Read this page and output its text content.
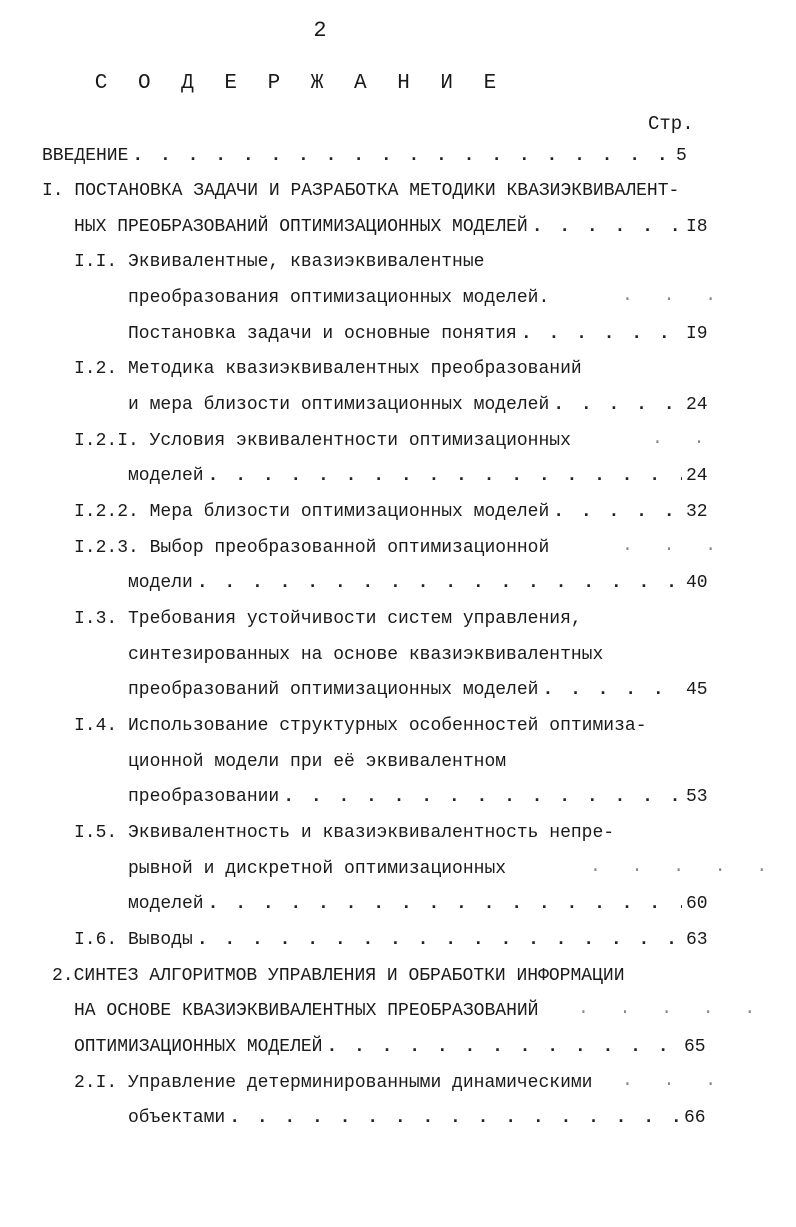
2
С О Д Е Р Ж А Н И Е
Стр.
ВВЕДЕНИЕ . . .	5
I. ПОСТАНОВКА ЗАДАЧИ И РАЗРАБОТКА МЕТОДИКИ КВАЗИЭКВИВАЛЕНТ-
НЫХ ПРЕОБРАЗОВАНИЙ ОПТИМИЗАЦИОННЫХ МОДЕЛЕЙ . . .	I8
I.I. Эквивалентные, квазиэквивалентные
преобразования оптимизационных моделей.
Постановка задачи и основные понятия . . .	I9
I.2. Методика квазиэквивалентных преобразований
и мера близости оптимизационных моделей . . .	24
I.2.I. Условия эквивалентности оптимизационных
моделей . . .	24
I.2.2. Мера близости оптимизационных моделей . . .	32
I.2.3. Выбор преобразованной оптимизационной
модели . . .	40
I.3. Требования устойчивости систем управления,
синтезированных на основе квазиэквивалентных
преобразований оптимизационных моделей . . .	45
I.4. Использование структурных особенностей оптимиза-
ционной модели при её эквивалентном
преобразовании . . .	53
I.5. Эквивалентность и квазиэквивалентность непре-
рывной и дискретной оптимизационных
моделей . . .	60
I.6. Выводы . . .	63
2.СИНТЕЗ АЛГОРИТМОВ УПРАВЛЕНИЯ И ОБРАБОТКИ ИНФОРМАЦИИ
НА ОСНОВЕ КВАЗИЭКВИВАЛЕНТНЫХ ПРЕОБРАЗОВАНИЙ
ОПТИМИЗАЦИОННЫХ МОДЕЛЕЙ . . .	65
2.I. Управление детерминированными динамическими
объектами . . .	66
. . .
. .
. . .
. . . . .
. . . . .
. . .
